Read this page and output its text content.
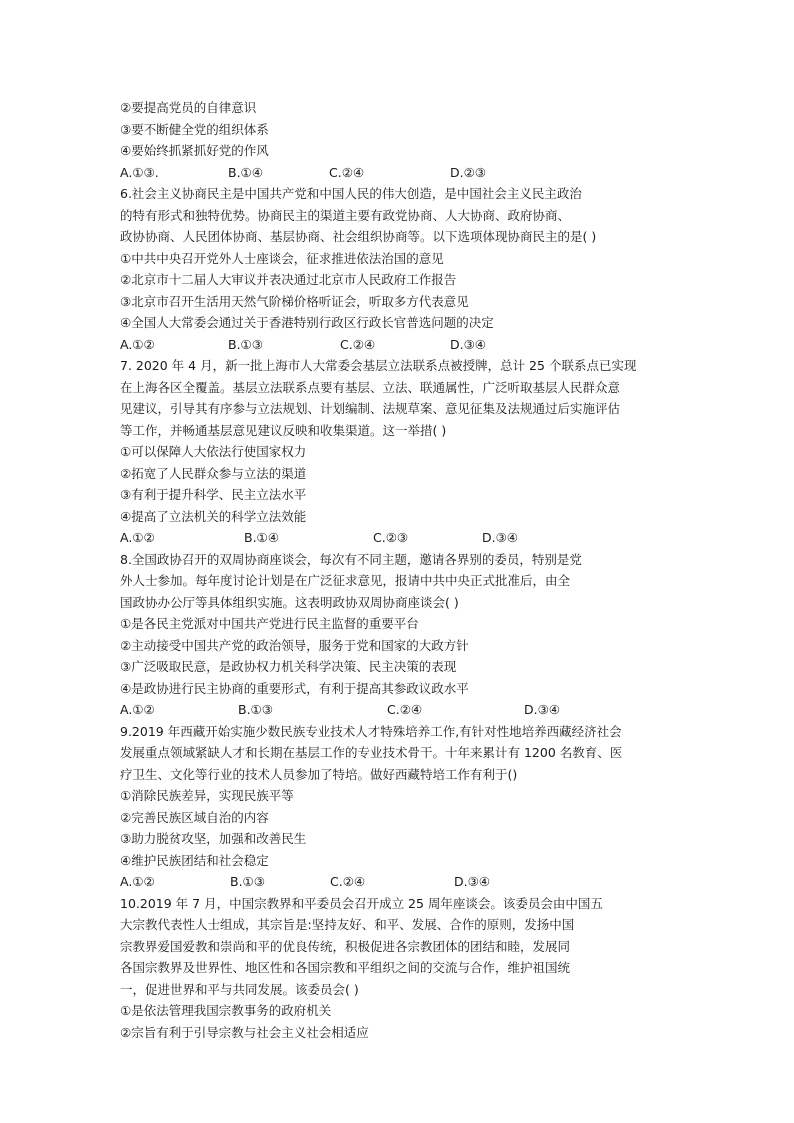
②要提高党员的自律意识
③要不断健全党的组织体系
④要始终抓紧抓好党的作风
A.①③.	B.①④	C.②④	D.②③
6.社会主义协商民主是中国共产党和中国人民的伟大创造，是中国社会主义民主政治
的特有形式和独特优势。协商民主的渠道主要有政党协商、人大协商、政府协商、
政协协商、人民团体协商、基层协商、社会组织协商等。以下选项体现协商民主的是( )
①中共中央召开党外人士座谈会，征求推进依法治国的意见
②北京市十二届人大审议并表决通过北京市人民政府工作报告
③北京市召开生活用天然气阶梯价格听证会，听取多方代表意见
④全国人大常委会通过关于香港特别行政区行政长官普选问题的决定
A.①②	B.①③	C.②④	D.③④
7. 2020 年 4 月，新一批上海市人大常委会基层立法联系点被授牌，总计 25 个联系点已实现
在上海各区全覆盖。基层立法联系点要有基层、立法、联通属性，广泛听取基层人民群众意
见建议，引导其有序参与立法规划、计划编制、法规草案、意见征集及法规通过后实施评估
等工作，并畅通基层意见建议反映和收集渠道。这一举措( )
①可以保障人大依法行使国家权力
②拓宽了人民群众参与立法的渠道
③有利于提升科学、民主立法水平
④提高了立法机关的科学立法效能
A.①②	B.①④	C.②③	D.③④
8.全国政协召开的双周协商座谈会，每次有不同主题，邀请各界别的委员，特别是党
外人士参加。每年度讨论计划是在广泛征求意见，报请中共中央正式批准后，由全
国政协办公厅等具体组织实施。这表明政协双周协商座谈会( )
①是各民主党派对中国共产党进行民主监督的重要平台
②主动接受中国共产党的政治领导，服务于党和国家的大政方针
③广泛吸取民意，是政协权力机关科学决策、民主决策的表现
④是政协进行民主协商的重要形式，有利于提高其参政议政水平
A.①②	B.①③	C.②④	D.③④
9.2019 年西藏开始实施少数民族专业技术人才特殊培养工作,有针对性地培养西藏经济社会
发展重点领域紧缺人才和长期在基层工作的专业技术骨干。十年来累计有 1200 名教育、医
疗卫生、文化等行业的技术人员参加了特培。做好西藏特培工作有利于()
①消除民族差异，实现民族平等
②完善民族区域自治的内容
③助力脱贫攻坚，加强和改善民生
④维护民族团结和社会稳定
A.①②	B.①③	C.②④	D.③④
10.2019 年 7 月，中国宗教界和平委员会召开成立 25 周年座谈会。该委员会由中国五
大宗教代表性人士组成，其宗旨是:坚持友好、和平、发展、合作的原则，发扬中国
宗教界爱国爱教和崇尚和平的优良传统，积极促进各宗教团体的团结和睦，发展同
各国宗教界及世界性、地区性和各国宗教和平组织之间的交流与合作，维护祖国统
一，促进世界和平与共同发展。该委员会( )
①是依法管理我国宗教事务的政府机关
②宗旨有利于引导宗教与社会主义社会相适应
